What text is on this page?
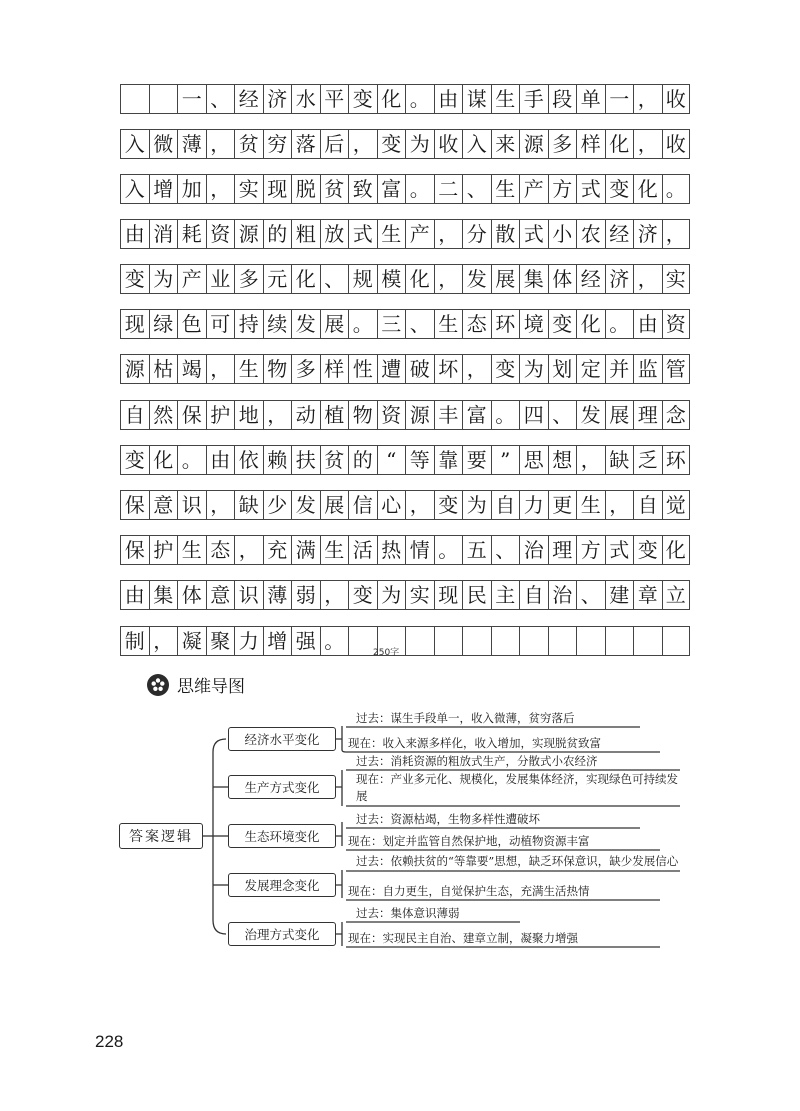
一 、 经 济 水 平 变 化 。 由 谋 生 手 段 单 一 ， 收
入 微 薄 ， 贫 穷 落 后 ， 变 为 收 入 来 源 多 样 化 ， 收
入 增 加 ， 实 现 脱 贫 致 富 。 二 、 生 产 方 式 变 化 。
由 消 耗 资 源 的 粗 放 式 生 产 ， 分 散 式 小 农 经 济 ，
变 为 产 业 多 元 化 、 规 模 化 ， 发 展 集 体 经 济 ， 实
现 绿 色 可 持 续 发 展 。 三 、 生 态 环 境 变 化 。 由 资
源 枯 竭 ， 生 物 多 样 性 遭 破 坏 ， 变 为 划 定 并 监 管
自 然 保 护 地 ， 动 植 物 资 源 丰 富 。 四 、 发 展 理 念
变 化 。 由 依 赖 扶 贫 的 “ 等 靠 要 ” 思 想 ， 缺 乏 环
保 意 识 ， 缺 少 发 展 信 心 ， 变 为 自 力 更 生 ， 自 觉
保 护 生 态 ， 充 满 生 活 热 情 。 五 、 治 理 方 式 变 化
由 集 体 意 识 薄 弱 ， 变 为 实 现 民 主 自 治 、 建 章 立
制 ， 凝 聚 力 增 强 。	250字
思维导图
答案逻辑
经济水平变化
生产方式变化
生态环境变化
发展理念变化
治理方式变化
过去：谋生手段单一，收入微薄，贫穷落后
现在：收入来源多样化，收入增加，实现脱贫致富
过去：消耗资源的粗放式生产，分散式小农经济
现在：产业多元化、规模化，发展集体经济，实现绿色可持续发展
过去：资源枯竭，生物多样性遭破坏
现在：划定并监管自然保护地，动植物资源丰富
过去：依赖扶贫的“等靠要”思想，缺乏环保意识，缺少发展信心
现在：自力更生，自觉保护生态，充满生活热情
过去：集体意识薄弱
现在：实现民主自治、建章立制，凝聚力增强
228
